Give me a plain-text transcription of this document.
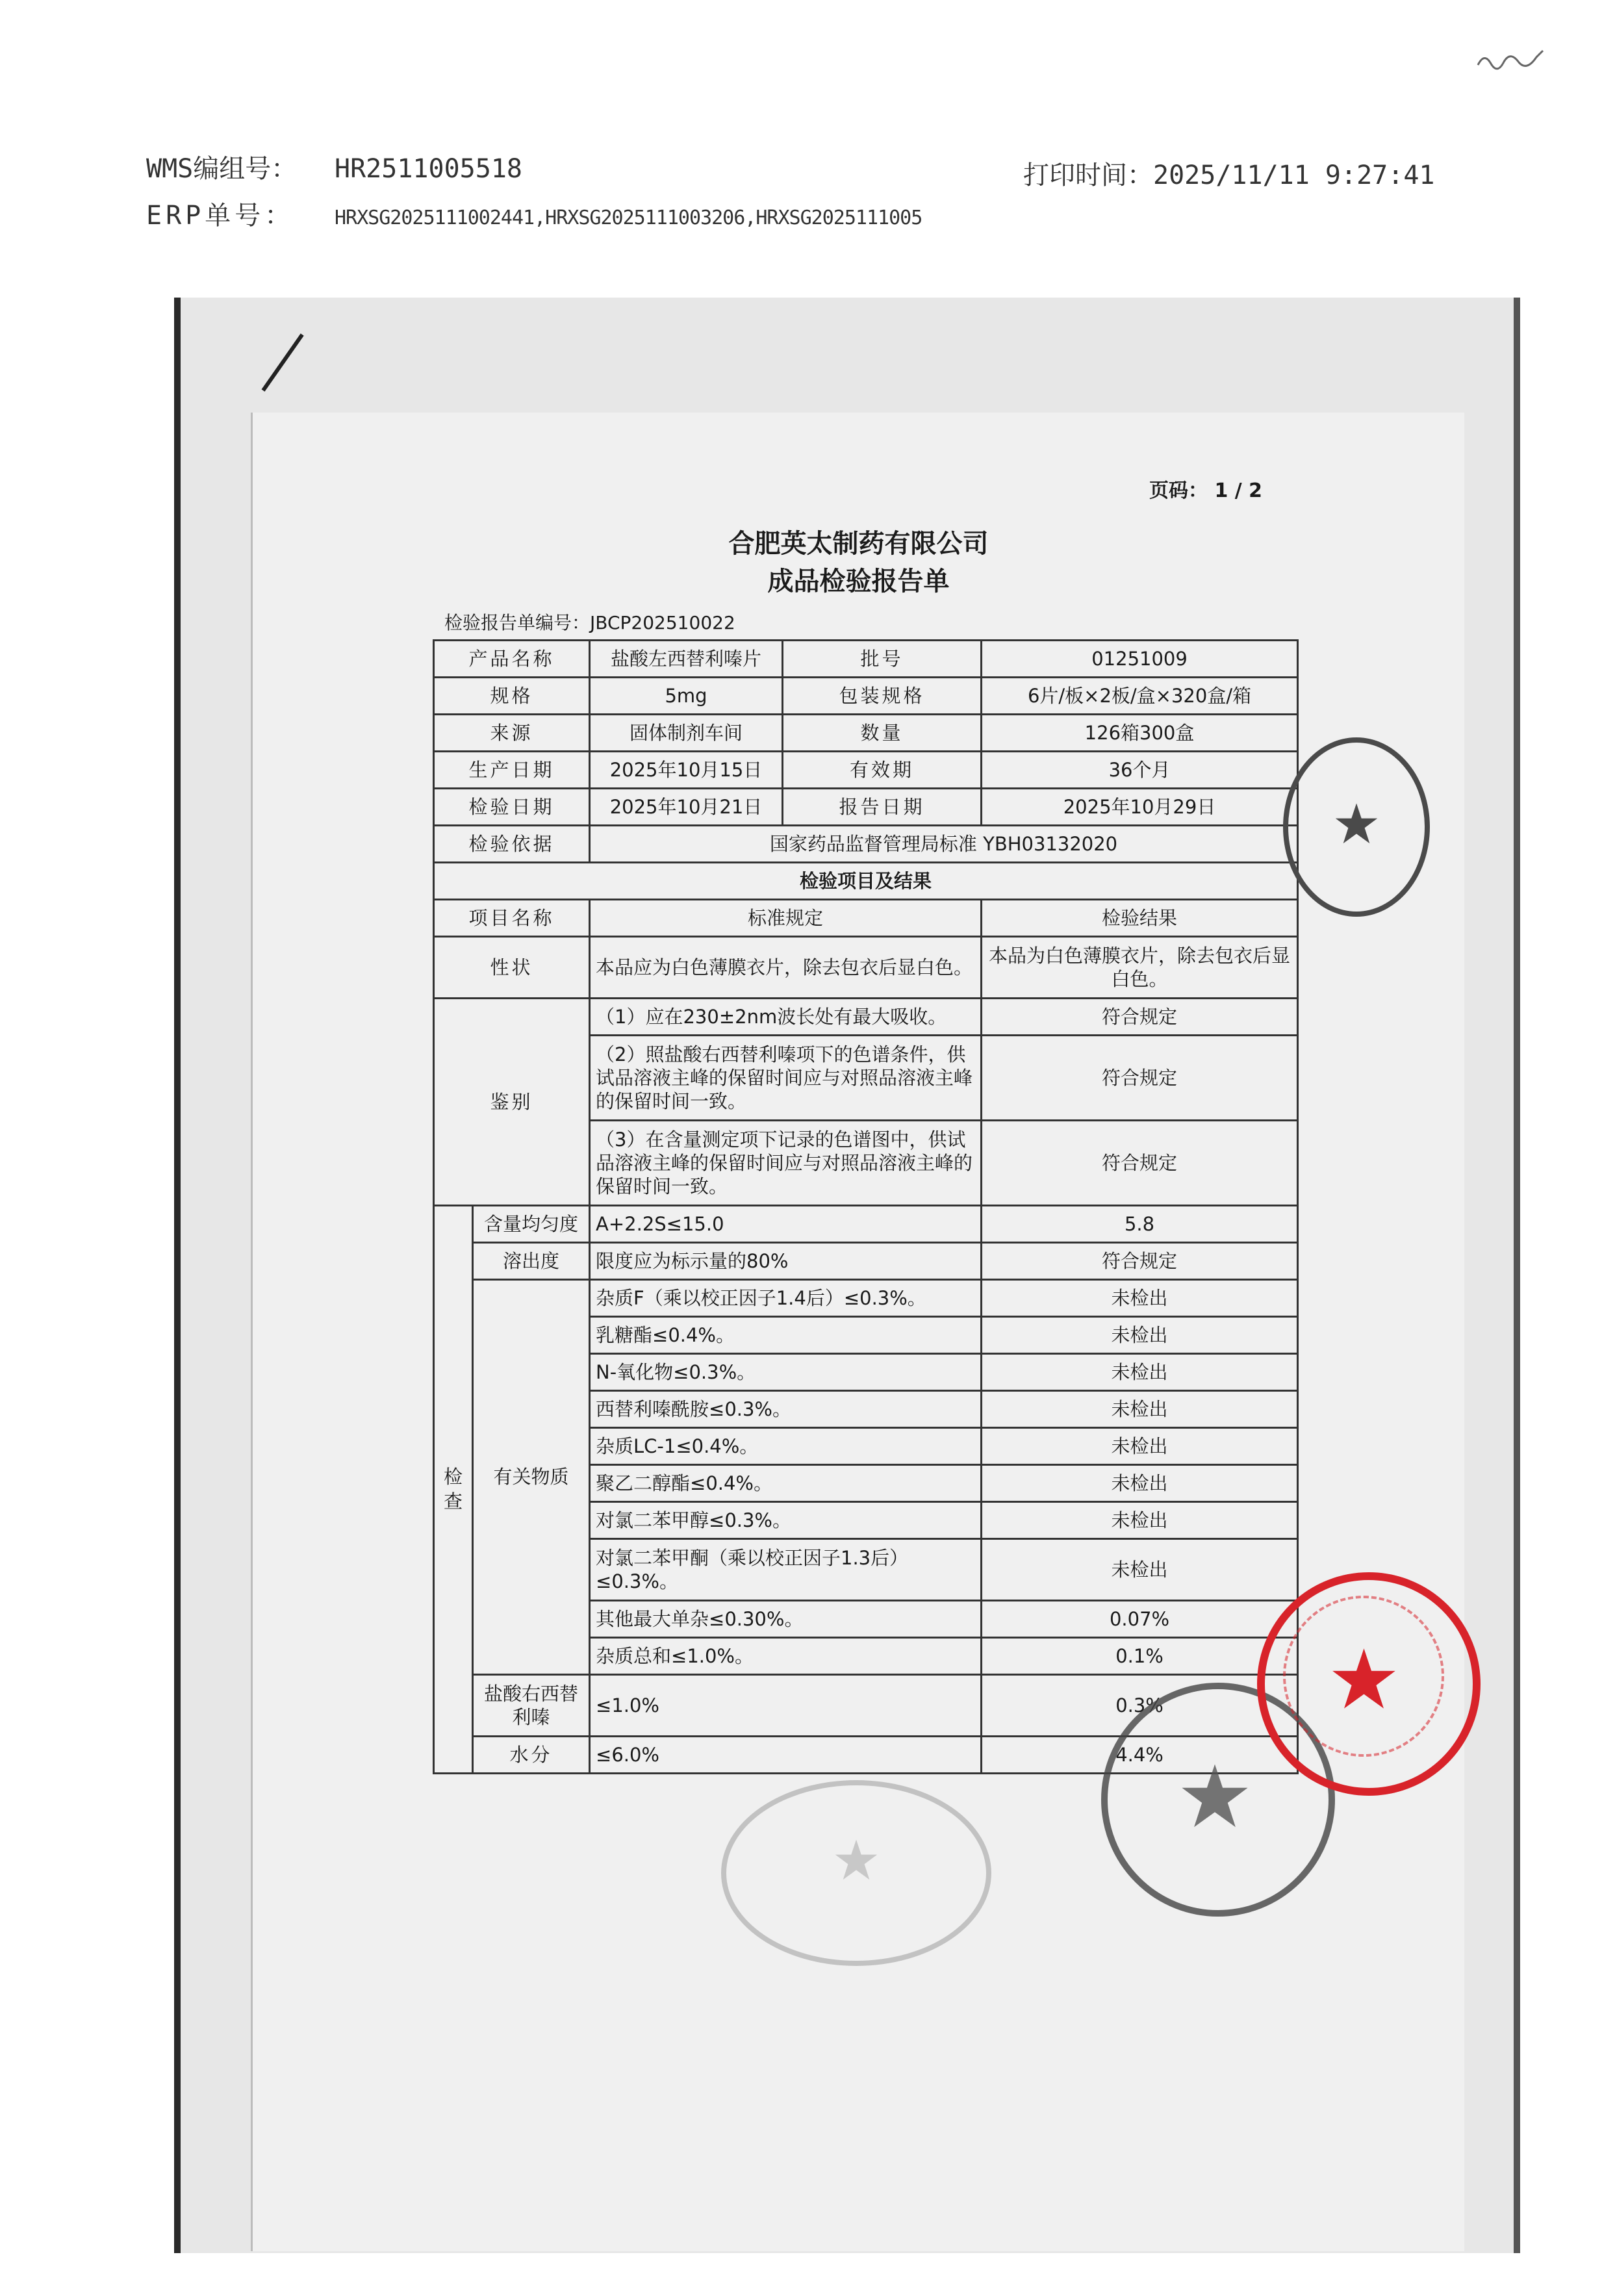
WMS编组号： HR2511005518
ERP单号： HRXSG2025111002441,HRXSG2025111003206,HRXSG2025111005
打印时间：2025/11/11 9:27:41
页码： 1 / 2
合肥英太制药有限公司
成品检验报告单
检验报告单编号：JBCP202510022
产品名称		盐酸左西替利嗪片	批号	01251009
规格		5mg	包装规格	6片/板×2板/盒×320盒/箱
来源		固体制剂车间	数量	126箱300盒
生产日期		2025年10月15日	有效期	36个月
检验日期		2025年10月21日	报告日期	2025年10月29日
检验依据		国家药品监督管理局标准 YBH03132020		
检验项目及结果				
项目名称		标准规定		检验结果
性状		本品应为白色薄膜衣片，除去包衣后显白色。		本品为白色薄膜衣片，除去包衣后显白色。
鉴别		（1）应在230±2nm波长处有最大吸收。		符合规定
		（2）照盐酸右西替利嗪项下的色谱条件，供试品溶液主峰的保留时间应与对照品溶液主峰的保留时间一致。		符合规定
		（3）在含量测定项下记录的色谱图中，供试品溶液主峰的保留时间应与对照品溶液主峰的保留时间一致。		符合规定
检查	含量均匀度	A+2.2S≤15.0		5.8
	溶出度	限度应为标示量的80%		符合规定
	有关物质	杂质F（乘以校正因子1.4后）≤0.3%。		未检出
		乳糖酯≤0.4%。		未检出
		N-氧化物≤0.3%。		未检出
		西替利嗪酰胺≤0.3%。		未检出
		杂质LC-1≤0.4%。		未检出
		聚乙二醇酯≤0.4%。		未检出
		对氯二苯甲醇≤0.3%。		未检出
		对氯二苯甲酮（乘以校正因子1.3后）≤0.3%。		未检出
		其他最大单杂≤0.30%。		0.07%
		杂质总和≤1.0%。		0.1%
	盐酸右西替利嗪	≤1.0%		0.3%
	水分	≤6.0%		4.4%
